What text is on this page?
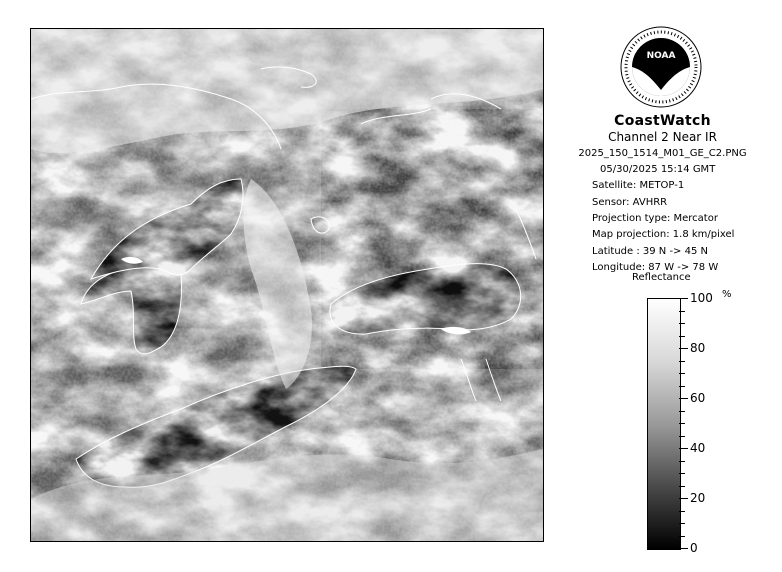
NOAA
CoastWatch
Channel 2 Near IR
2025_150_1514_M01_GE_C2.PNG
05/30/2025 15:14 GMT
Satellite: METOP-1
Sensor: AVHRR
Projection type: Mercator
Map projection: 1.8 km/pixel
Latitude : 39 N -> 45 N
Longitude: 87 W -> 78 W
Reflectance
%
100
80
60
40
20
0
